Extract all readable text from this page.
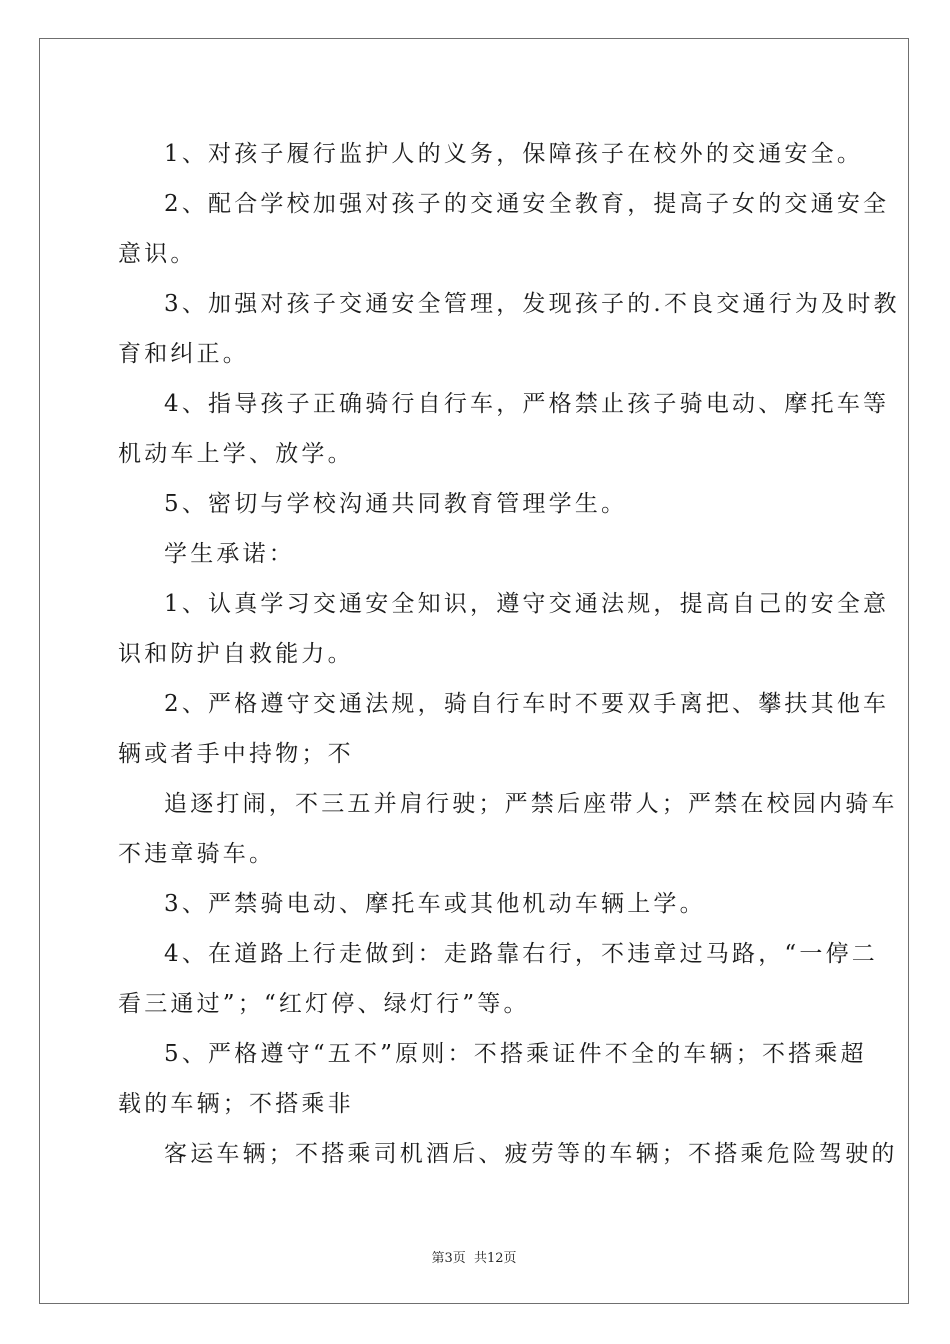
1、对孩子履行监护人的义务，保障孩子在校外的交通安全。
2、配合学校加强对孩子的交通安全教育，提高子女的交通安全
意识。
3、加强对孩子交通安全管理，发现孩子的.不良交通行为及时教
育和纠正。
4、指导孩子正确骑行自行车，严格禁止孩子骑电动、摩托车等
机动车上学、放学。
5、密切与学校沟通共同教育管理学生。
学生承诺：
1、认真学习交通安全知识，遵守交通法规，提高自己的安全意
识和防护自救能力。
2、严格遵守交通法规，骑自行车时不要双手离把、攀扶其他车
辆或者手中持物；不
追逐打闹，不三五并肩行驶；严禁后座带人；严禁在校园内骑车
不违章骑车。
3、严禁骑电动、摩托车或其他机动车辆上学。
4、在道路上行走做到：走路靠右行，不违章过马路，“一停二
看三通过”；“红灯停、绿灯行”等。
5、严格遵守“五不”原则：不搭乘证件不全的车辆；不搭乘超
载的车辆；不搭乘非
客运车辆；不搭乘司机酒后、疲劳等的车辆；不搭乘危险驾驶的
第3页 共12页
